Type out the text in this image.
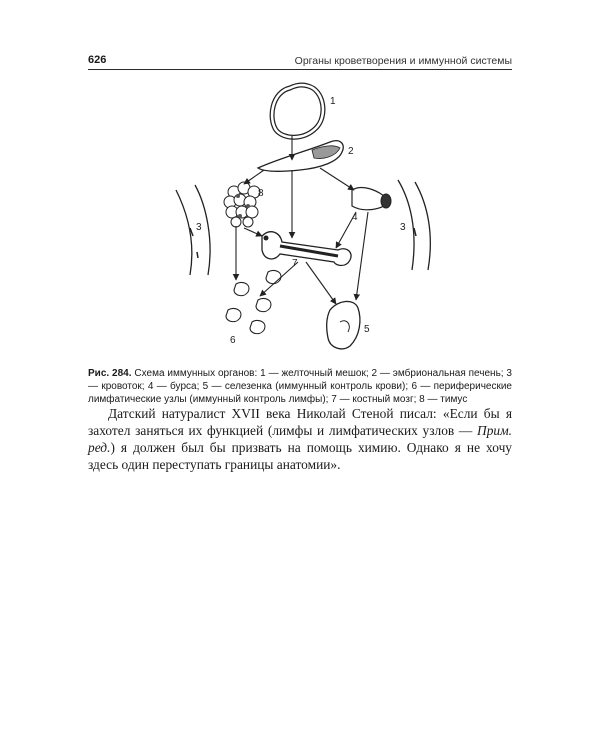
626	Органы кроветворения и иммунной системы
1
2
3	3
4
5
6
7
8
Рис. 284. Схема иммунных органов: 1 — желточный мешок; 2 — эмбриональная печень; 3 — кровоток; 4 — бурса; 5 — селезенка (иммунный контроль крови); 6 — периферические лимфатические узлы (иммунный контроль лимфы); 7 — костный мозг; 8 — тимус

Датский натуралист XVII века Николай Стеной писал: «Если бы я захотел заняться их функцией (лимфы и лимфатических узлов — Прим. ред.) я должен был бы призвать на помощь химию. Однако я не хочу здесь один переступать границы анатомии».
